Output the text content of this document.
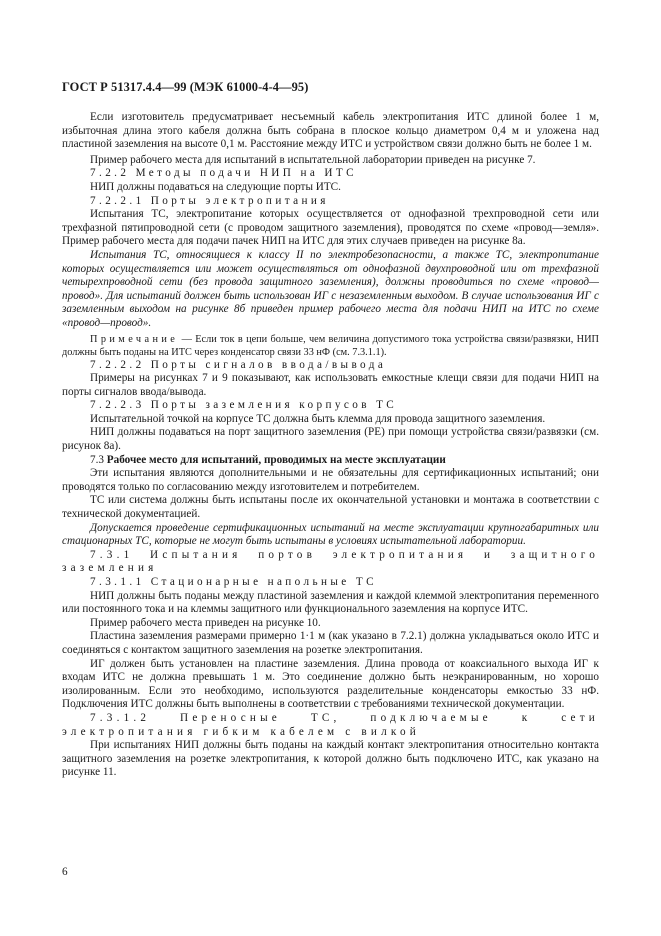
ГОСТ Р 51317.4.4—99 (МЭК 61000-4-4—95)

Если изготовитель предусматривает несъемный кабель электропитания ИТС длиной более 1 м, избыточная длина этого кабеля должна быть собрана в плоское кольцо диаметром 0,4 м и уложена над пластиной заземления на высоте 0,1 м. Расстояние между ИТС и устройством связи должно быть не более 1 м.

Пример рабочего места для испытаний в испытательной лаборатории приведен на рисунке 7.

7.2.2 Методы подачи НИП на ИТС

НИП должны подаваться на следующие порты ИТС.

7.2.2.1 Порты электропитания

Испытания ТС, электропитание которых осуществляется от однофазной трехпроводной сети или трехфазной пятипроводной сети (с проводом защитного заземления), проводятся по схеме «провод—земля». Пример рабочего места для подачи пачек НИП на ИТС для этих случаев приведен на рисунке 8а.

Испытания ТС, относящиеся к классу II по электробезопасности, а также ТС, электропитание которых осуществляется или может осуществляться от однофазной двухпроводной или от трехфазной четырехпроводной сети (без провода защитного заземления), должны проводиться по схеме «провод—провод». Для испытаний должен быть использован ИГ с незаземленным выходом. В случае использования ИГ с заземленным выходом на рисунке 8б приведен пример рабочего места для подачи НИП на ИТС по схеме «провод—провод».

Примечание — Если ток в цепи больше, чем величина допустимого тока устройства связи/развязки, НИП должны быть поданы на ИТС через конденсатор связи 33 нФ (см. 7.3.1.1).

7.2.2.2 Порты сигналов ввода/вывода

Примеры на рисунках 7 и 9 показывают, как использовать емкостные клещи связи для подачи НИП на порты сигналов ввода/вывода.

7.2.2.3 Порты заземления корпусов ТС

Испытательной точкой на корпусе ТС должна быть клемма для провода защитного заземления.

НИП должны подаваться на порт защитного заземления (РЕ) при помощи устройства связи/развязки (см. рисунок 8а).

7.3 Рабочее место для испытаний, проводимых на месте эксплуатации

Эти испытания являются дополнительными и не обязательны для сертификационных испытаний; они проводятся только по согласованию между изготовителем и потребителем.

ТС или система должны быть испытаны после их окончательной установки и монтажа в соответствии с технической документацией.

Допускается проведение сертификационных испытаний на месте эксплуатации крупногабаритных или стационарных ТС, которые не могут быть испытаны в условиях испытательной лаборатории.

7.3.1 Испытания портов электропитания и защитного заземления

7.3.1.1 Стационарные напольные ТС

НИП должны быть поданы между пластиной заземления и каждой клеммой электропитания переменного или постоянного тока и на клеммы защитного или функционального заземления на корпусе ИТС.

Пример рабочего места приведен на рисунке 10.

Пластина заземления размерами примерно 1·1 м (как указано в 7.2.1) должна укладываться около ИТС и соединяться с контактом защитного заземления на розетке электропитания.

ИГ должен быть установлен на пластине заземления. Длина провода от коаксиального выхода ИГ к входам ИТС не должна превышать 1 м. Это соединение должно быть неэкранированным, но хорошо изолированным. Если это необходимо, используются разделительные конденсаторы емкостью 33 нФ. Подключения ИТС должны быть выполнены в соответствии с требованиями технической документации.

7.3.1.2 Переносные ТС, подключаемые к сети электропитания гибким кабелем с вилкой

При испытаниях НИП должны быть поданы на каждый контакт электропитания относительно контакта защитного заземления на розетке электропитания, к которой должно быть подключено ИТС, как указано на рисунке 11.

6
